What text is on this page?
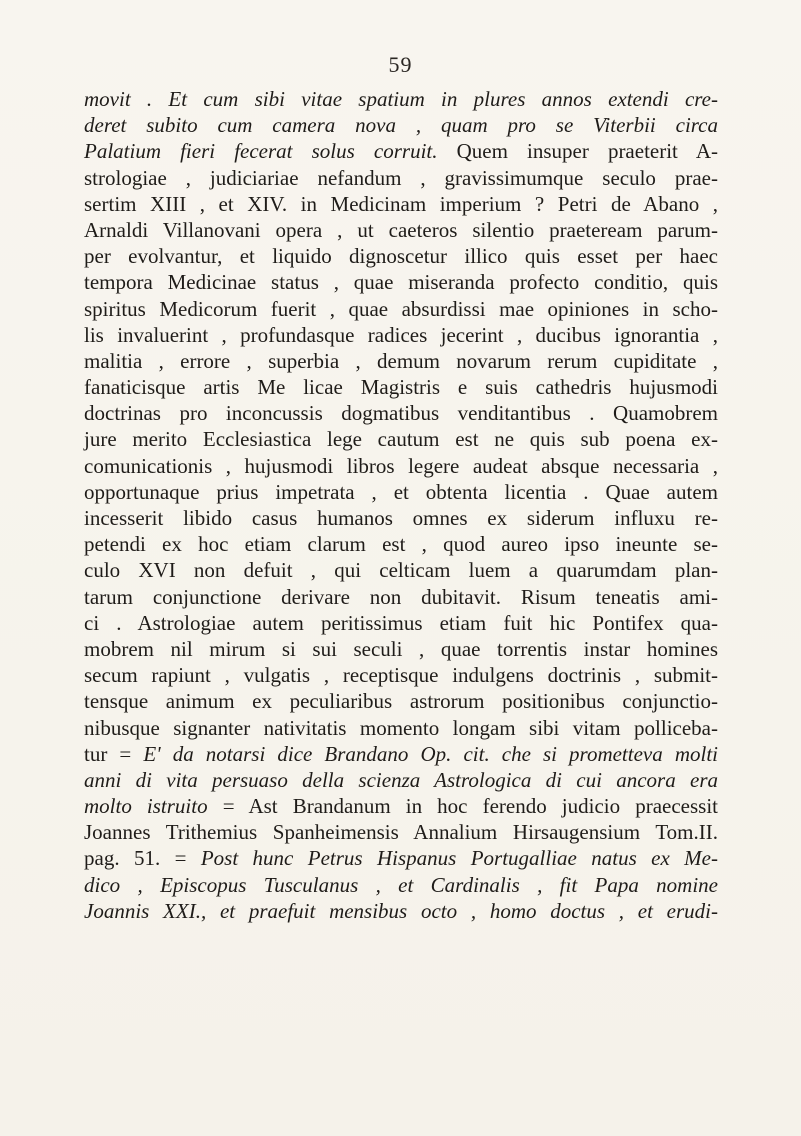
59
movit . Et cum sibi vitae spatium in plures annos extendi cre-
deret subito cum camera nova , quam pro se Viterbii circa
Palatium fieri fecerat solus corruit. Quem insuper praeterit A-
strologiae , judiciariae nefandum , gravissimumque seculo prae-
sertim XIII , et XIV. in Medicinam imperium ? Petri de Abano ,
Arnaldi Villanovani opera , ut caeteros silentio praeteream parum-
per evolvantur, et liquido dignoscetur illico quis esset per haec
tempora Medicinae status , quae miseranda profecto conditio, quis
spiritus Medicorum fuerit , quae absurdissi mae opiniones in scho-
lis invaluerint , profundasque radices jecerint , ducibus ignorantia ,
malitia , errore , superbia , demum novarum rerum cupiditate ,
fanaticisque artis Me licae Magistris e suis cathedris hujusmodi
doctrinas pro inconcussis dogmatibus venditantibus . Quamobrem
jure merito Ecclesiastica lege cautum est ne quis sub poena ex-
comunicationis , hujusmodi libros legere audeat absque necessaria ,
opportunaque prius impetrata , et obtenta licentia . Quae autem
incesserit libido casus humanos omnes ex siderum influxu re-
petendi ex hoc etiam clarum est , quod aureo ipso ineunte se-
culo XVI non defuit , qui celticam luem a quarumdam plan-
tarum conjunctione derivare non dubitavit. Risum teneatis ami-
ci . Astrologiae autem peritissimus etiam fuit hic Pontifex qua-
mobrem nil mirum si sui seculi , quae torrentis instar homines
secum rapiunt , vulgatis , receptisque indulgens doctrinis , submit-
tensque animum ex peculiaribus astrorum positionibus conjunctio-
nibusque signanter nativitatis momento longam sibi vitam polliceba-
tur = E' da notarsi dice Brandano Op. cit. che si prometteva molti
anni di vita persuaso della scienza Astrologica di cui ancora era
molto istruito = Ast Brandanum in hoc ferendo judicio praecessit
Joannes Trithemius Spanheimensis Annalium Hirsaugensium Tom.II.
pag. 51. = Post hunc Petrus Hispanus Portugalliae natus ex Me-
dico , Episcopus Tusculanus , et Cardinalis , fit Papa nomine
Joannis XXI., et praefuit mensibus octo , homo doctus , et erudi-
